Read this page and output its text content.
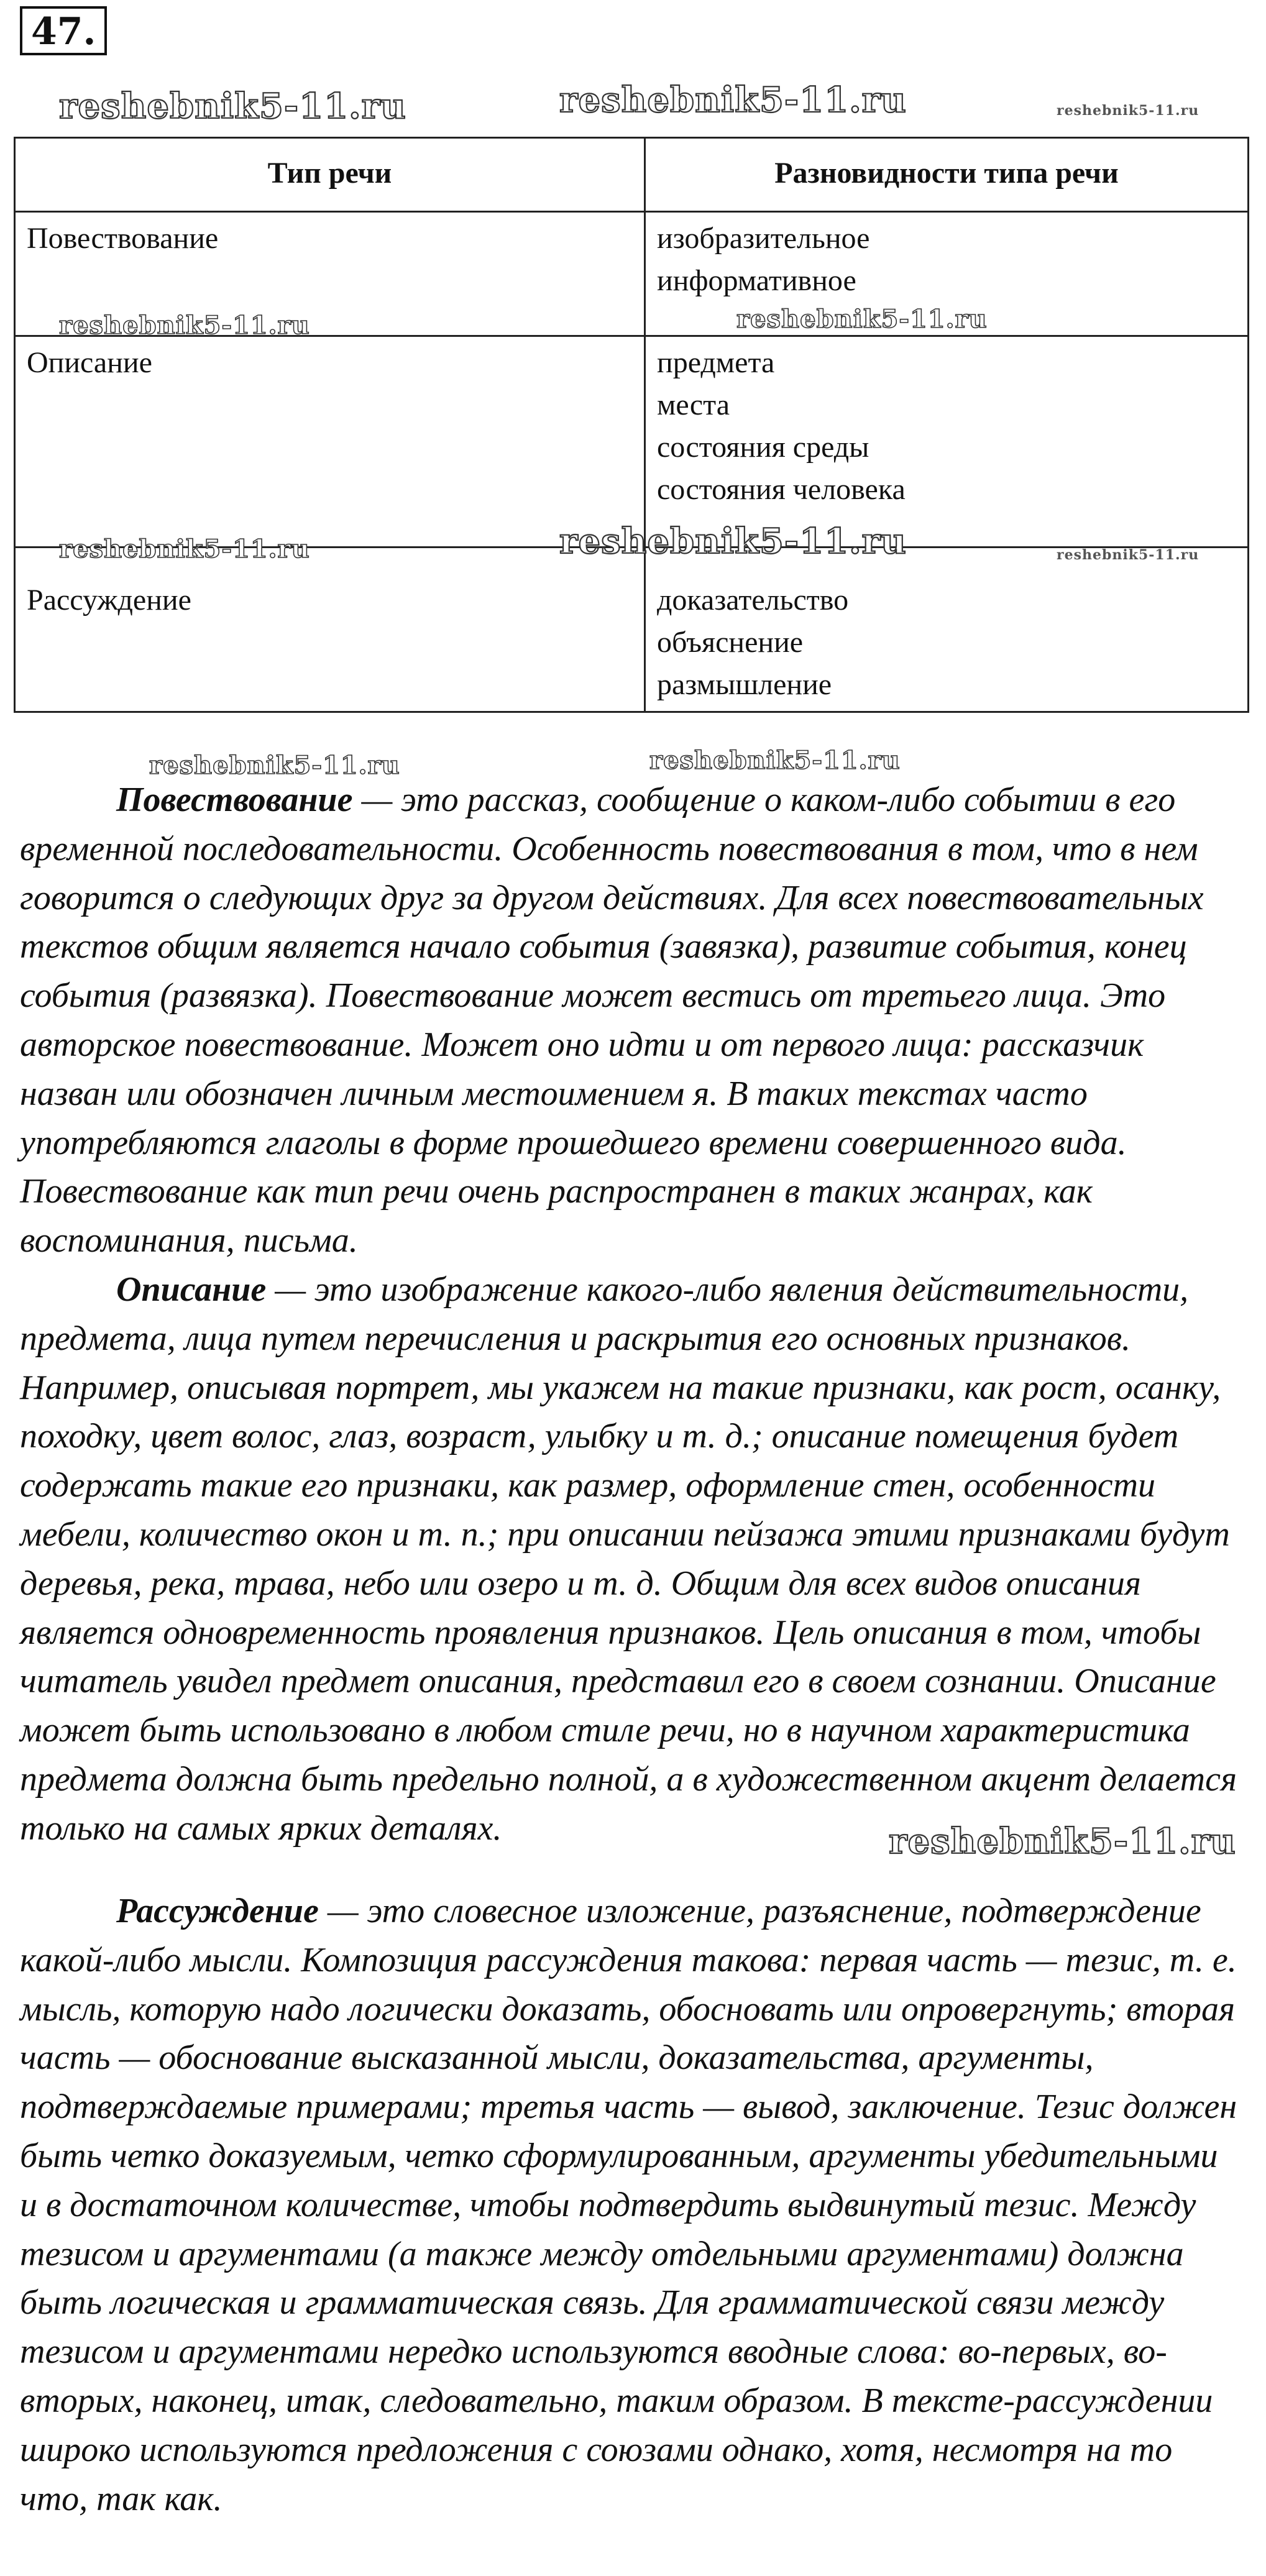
47.
reshebnik5-11.ru	reshebnik5-11.ru	reshebnik5-11.ru
Тип речи	Разновидности типа речи
Повествование	изобразительное
информативное

Описание	предмета
места
состояния среды
состояния человека

Рассуждение	доказательство
объяснение
размышление
reshebnik5-11.ru	reshebnik5-11.ru
reshebnik5-11.ru	reshebnik5-11.ru	reshebnik5-11.ru
reshebnik5-11.ru	reshebnik5-11.ru
reshebnik5-11.ru
Повествование — это рассказ, сообщение о каком-либо событии в его временной последовательности. Особенность повествования в том, что в нем говорится о следующих друг за другом действиях. Для всех повествовательных текстов общим является начало события (завязка), развитие события, конец события (развязка). Повествование может вестись от третьего лица. Это авторское повествование. Может оно идти и от первого лица: рассказчик назван или обозначен личным местоимением я. В таких текстах часто употребляются глаголы в форме прошедшего времени совершенного вида. Повествование как тип речи очень распространен в таких жанрах, как воспоминания, письма.
Описание — это изображение какого-либо явления действительности, предмета, лица путем перечисления и раскрытия его основных признаков. Например, описывая портрет, мы укажем на такие признаки, как рост, осанку, походку, цвет волос, глаз, возраст, улыбку и т. д.; описание помещения будет содержать такие его признаки, как размер, оформление стен, особенности мебели, количество окон и т. п.; при описании пейзажа этими признаками будут деревья, река, трава, небо или озеро и т. д. Общим для всех видов описания является одновременность проявления признаков. Цель описания в том, чтобы читатель увидел предмет описания, представил его в своем сознании. Описание может быть использовано в любом стиле речи, но в научном характеристика предмета должна быть предельно полной, а в художественном акцент делается только на самых ярких деталях.
Рассуждение — это словесное изложение, разъяснение, подтверждение какой-либо мысли. Композиция рассуждения такова: первая часть — тезис, т. е. мысль, которую надо логически доказать, обосновать или опровергнуть; вторая часть — обоснование высказанной мысли, доказательства, аргументы, подтверждаемые примерами; третья часть — вывод, заключение. Тезис должен быть четко доказуемым, четко сформулированным, аргументы убедительными и в достаточном количестве, чтобы подтвердить выдвинутый тезис. Между тезисом и аргументами (а также между отдельными аргументами) должна быть логическая и грамматическая связь. Для грамматической связи между тезисом и аргументами нередко используются вводные слова: во-первых, во-вторых, наконец, итак, следовательно, таким образом. В тексте-рассуждении широко используются предложения с союзами однако, хотя, несмотря на то что, так как.
